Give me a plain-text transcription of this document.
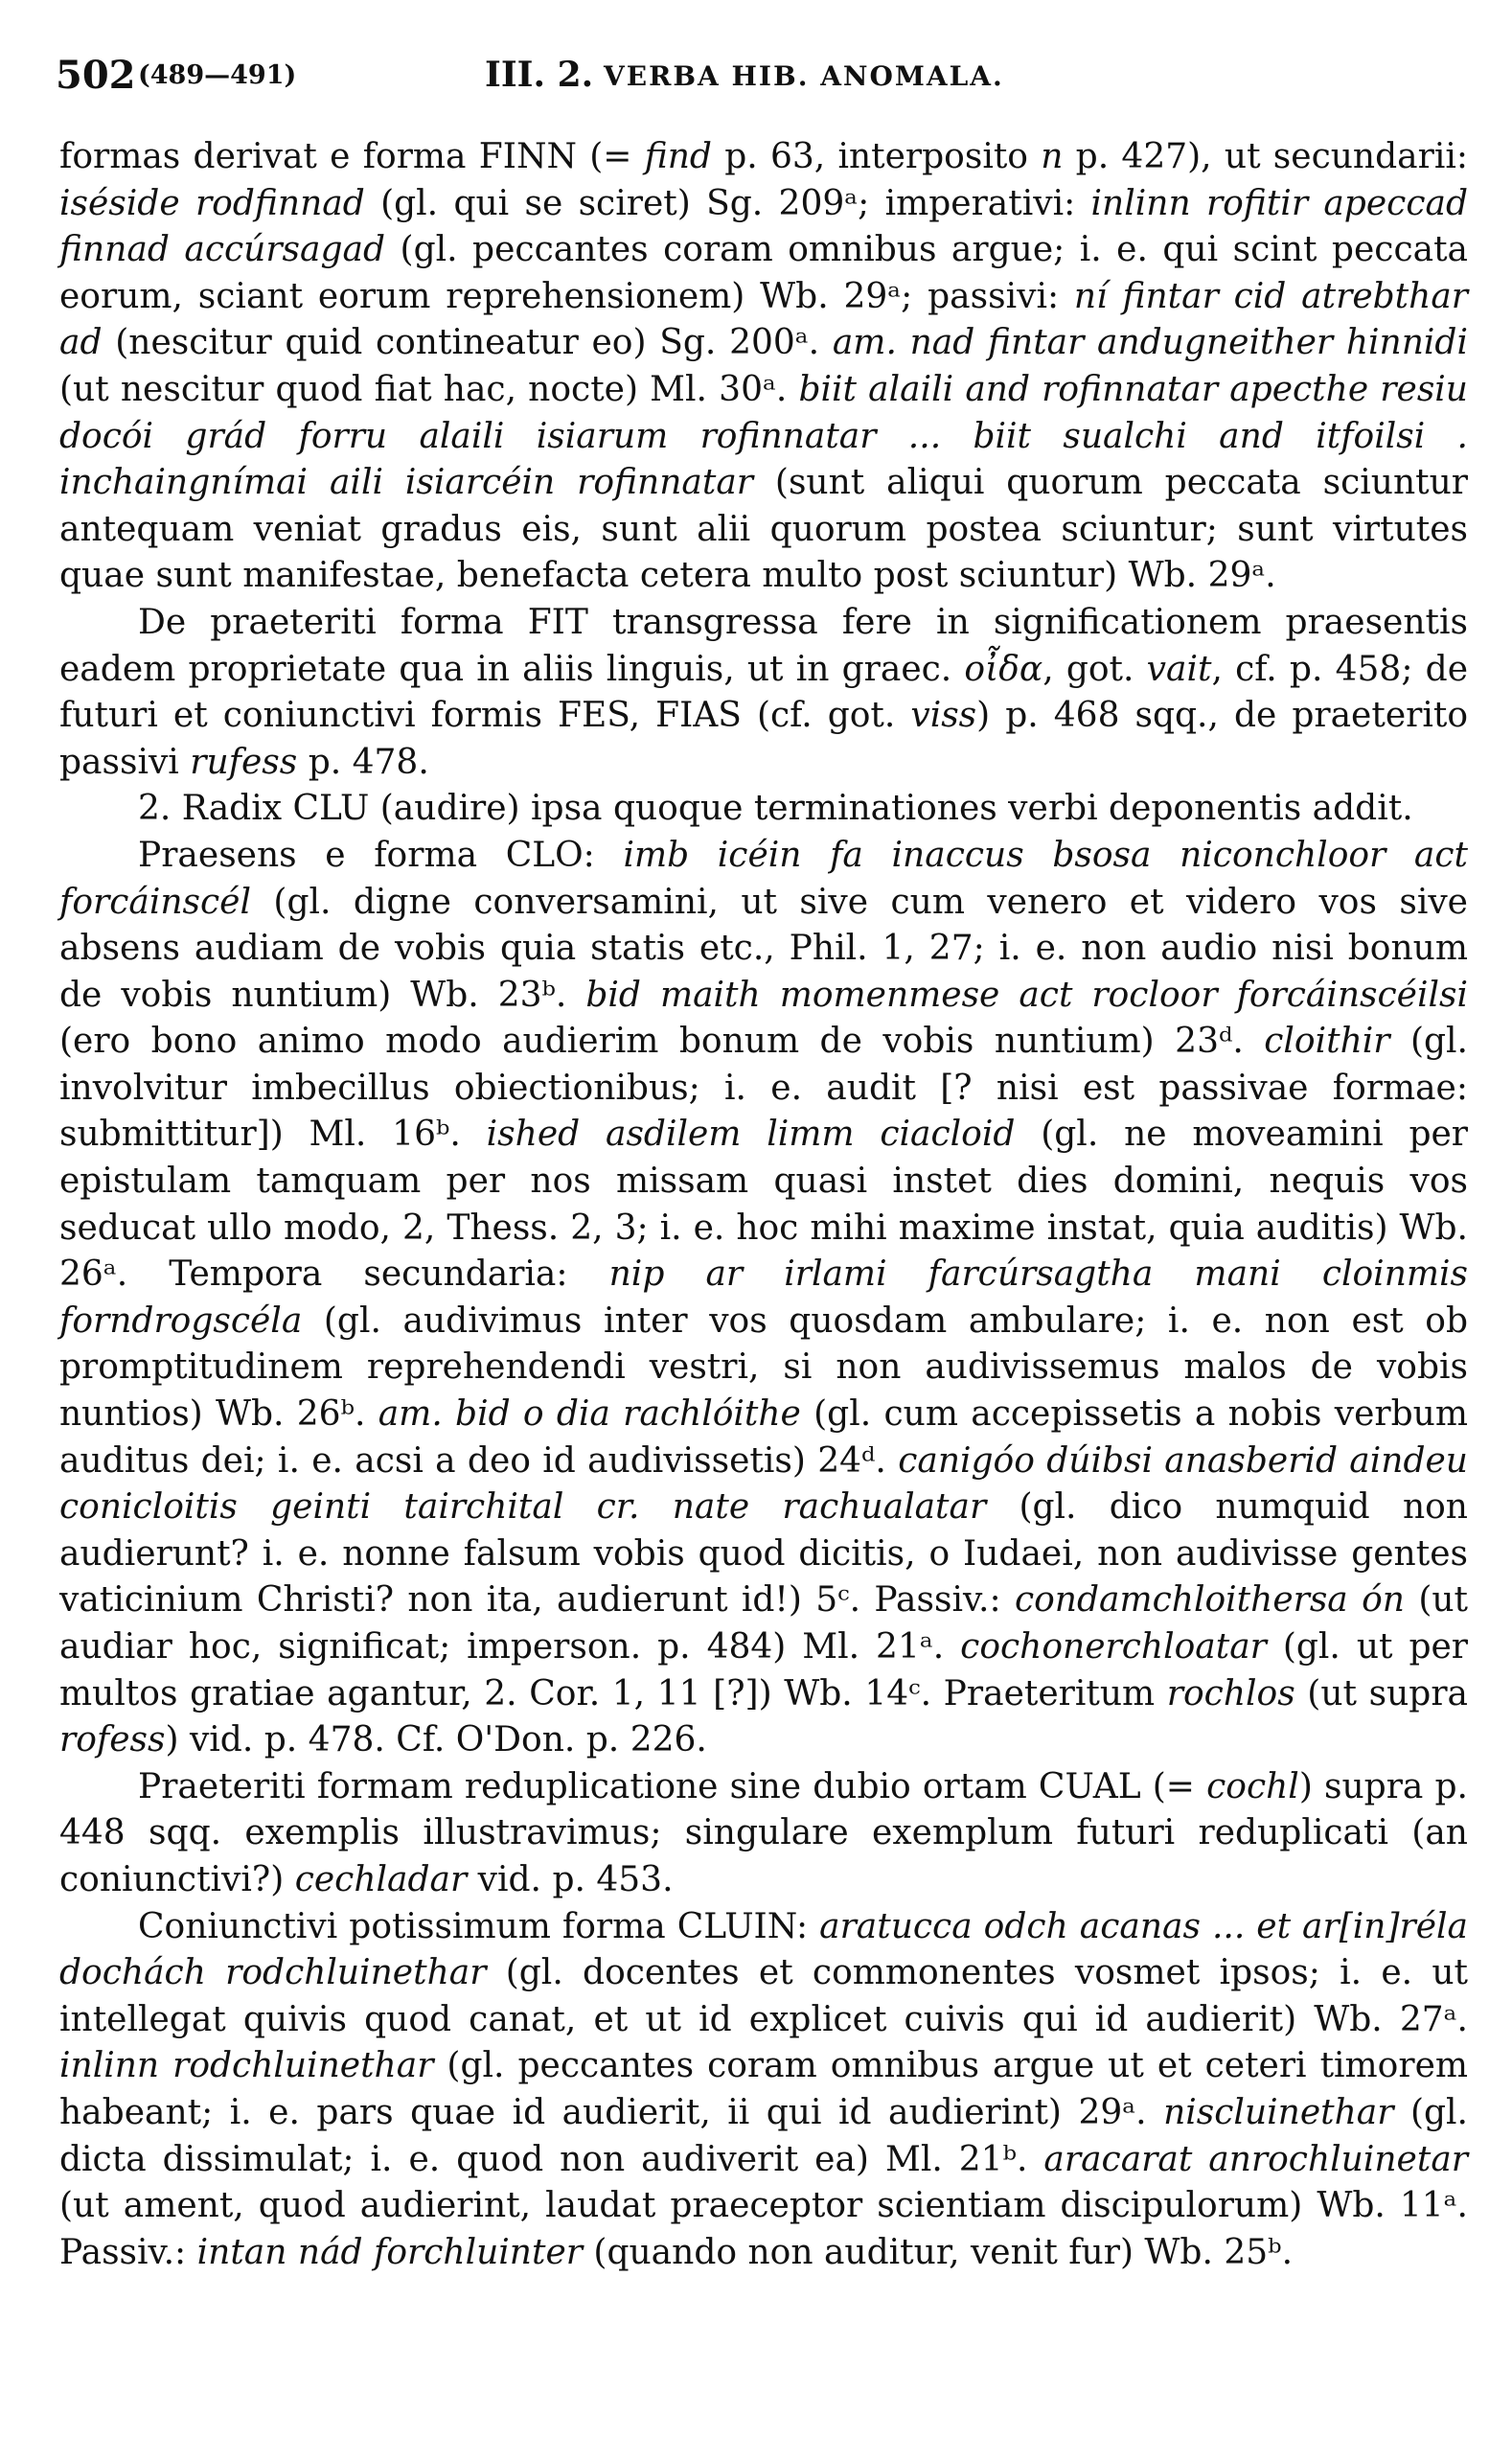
502 (489—491)	III. 2. VERBA HIB. ANOMALA.

formas derivat e forma FINN (= find p. 63, interposito n p. 427), ut secundarii: iséside rodfinnad (gl. qui se sciret) Sg. 209ᵃ; imperativi: inlinn rofitir apeccad finnad accúrsagad (gl. peccantes coram omnibus argue; i. e. qui scint peccata eorum, sciant eorum reprehensionem) Wb. 29ᵃ; passivi: ní fintar cid atrebthar ad (nescitur quid contineatur eo) Sg. 200ᵃ. am. nad fintar andugneither hinnidi (ut nescitur quod fiat hac, nocte) Ml. 30ᵃ. biit alaili and rofinnatar apecthe resiu docói grád forru alaili isiarum rofinnatar ... biit sualchi and itfoilsi . inchaingnímai aili isiarcéin rofinnatar (sunt aliqui quorum peccata sciuntur antequam veniat gradus eis, sunt alii quorum postea sciuntur; sunt virtutes quae sunt manifestae, benefacta cetera multo post sciuntur) Wb. 29ᵃ.

De praeteriti forma FIT transgressa fere in significationem praesentis eadem proprietate qua in aliis linguis, ut in graec. οἶδα, got. vait, cf. p. 458; de futuri et coniunctivi formis FES, FIAS (cf. got. viss) p. 468 sqq., de praeterito passivi rufess p. 478.

2. Radix CLU (audire) ipsa quoque terminationes verbi deponentis addit.

Praesens e forma CLO: imb icéin fa inaccus bsosa niconchloor act forcáinscél (gl. digne conversamini, ut sive cum venero et videro vos sive absens audiam de vobis quia statis etc., Phil. 1, 27; i. e. non audio nisi bonum de vobis nuntium) Wb. 23ᵇ. bid maith momenmese act rocloor forcáinscéilsi (ero bono animo modo audierim bonum de vobis nuntium) 23ᵈ. cloithir (gl. involvitur imbecillus obiectionibus; i. e. audit [? nisi est passivae formae: submittitur]) Ml. 16ᵇ. ished asdilem limm ciacloid (gl. ne moveamini per epistulam tamquam per nos missam quasi instet dies domini, nequis vos seducat ullo modo, 2, Thess. 2, 3; i. e. hoc mihi maxime instat, quia auditis) Wb. 26ᵃ. Tempora secundaria: nip ar irlami farcúrsagtha mani cloinmis forndrogscéla (gl. audivimus inter vos quosdam ambulare; i. e. non est ob promptitudinem reprehendendi vestri, si non audivissemus malos de vobis nuntios) Wb. 26ᵇ. am. bid o dia rachlóithe (gl. cum accepissetis a nobis verbum auditus dei; i. e. acsi a deo id audivissetis) 24ᵈ. canigóo dúibsi anasberid aindeu conicloitis geinti tairchital cr. nate rachualatar (gl. dico numquid non audierunt? i. e. nonne falsum vobis quod dicitis, o Iudaei, non audivisse gentes vaticinium Christi? non ita, audierunt id!) 5ᶜ. Passiv.: condamchloithersa ón (ut audiar hoc, significat; imperson. p. 484) Ml. 21ᵃ. cochonerchloatar (gl. ut per multos gratiae agantur, 2. Cor. 1, 11 [?]) Wb. 14ᶜ. Praeteritum rochlos (ut supra rofess) vid. p. 478. Cf. O'Don. p. 226.

Praeteriti formam reduplicatione sine dubio ortam CUAL (= cochl) supra p. 448 sqq. exemplis illustravimus; singulare exemplum futuri reduplicati (an coniunctivi?) cechladar vid. p. 453.

Coniunctivi potissimum forma CLUIN: aratucca odch acanas ... et ar[in]réla dochách rodchluinethar (gl. docentes et commonentes vosmet ipsos; i. e. ut intellegat quivis quod canat, et ut id explicet cuivis qui id audierit) Wb. 27ᵃ. inlinn rodchluinethar (gl. peccantes coram omnibus argue ut et ceteri timorem habeant; i. e. pars quae id audierit, ii qui id audierint) 29ᵃ. niscluinethar (gl. dicta dissimulat; i. e. quod non audiverit ea) Ml. 21ᵇ. aracarat anrochluinetar (ut ament, quod audierint, laudat praeceptor scientiam discipulorum) Wb. 11ᵃ. Passiv.: intan nád forchluinter (quando non auditur, venit fur) Wb. 25ᵇ.
